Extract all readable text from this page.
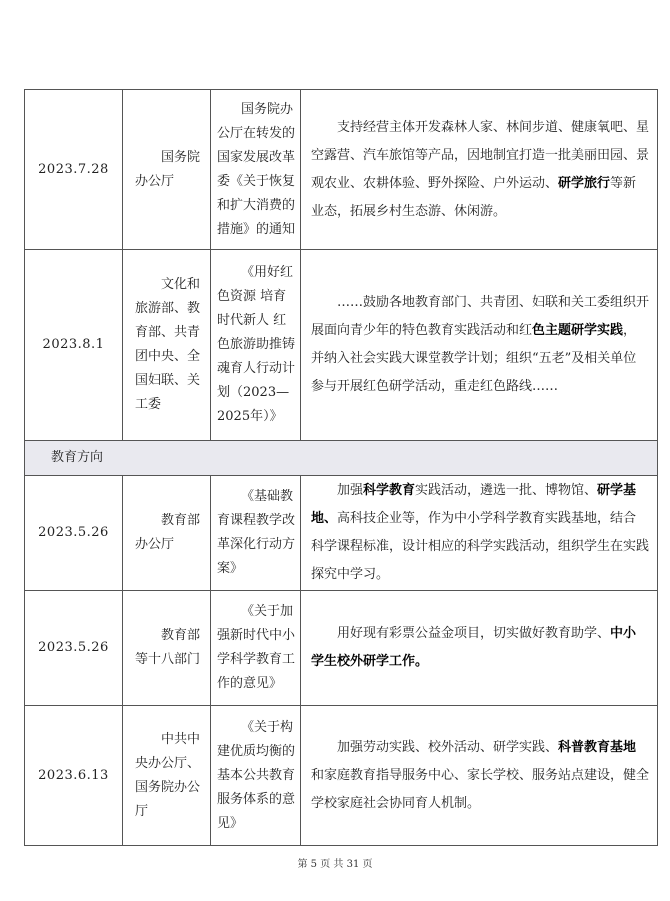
2023.7.28	国务院办公厅	国务院办公厅在转发的国家发展改革委《关于恢复和扩大消费的措施》的通知	支持经营主体开发森林人家、林间步道、健康氧吧、星空露营、汽车旅馆等产品，因地制宜打造一批美丽田园、景观农业、农耕体验、野外探险、户外运动、研学旅行等新业态，拓展乡村生态游、休闲游。
2023.8.1	文化和旅游部、教育部、共青团中央、全国妇联、关工委	《用好红色资源 培育时代新人 红色旅游助推铸魂育人行动计划（2023—2025年）》	……鼓励各地教育部门、共青团、妇联和关工委组织开展面向青少年的特色教育实践活动和红色主题研学实践，并纳入社会实践大课堂教学计划；组织“五老”及相关单位参与开展红色研学活动，重走红色路线……
教育方向			
2023.5.26	教育部办公厅	《基础教育课程教学改革深化行动方案》	加强科学教育实践活动，遴选一批、博物馆、研学基地、高科技企业等，作为中小学科学教育实践基地，结合科学课程标准，设计相应的科学实践活动，组织学生在实践探究中学习。
2023.5.26	教育部等十八部门	《关于加强新时代中小学科学教育工作的意见》	用好现有彩票公益金项目，切实做好教育助学、中小学生校外研学工作。
2023.6.13	中共中央办公厅、国务院办公厅	《关于构建优质均衡的基本公共教育服务体系的意见》	加强劳动实践、校外活动、研学实践、科普教育基地和家庭教育指导服务中心、家长学校、服务站点建设，健全学校家庭社会协同育人机制。
第 5 页 共 31 页
